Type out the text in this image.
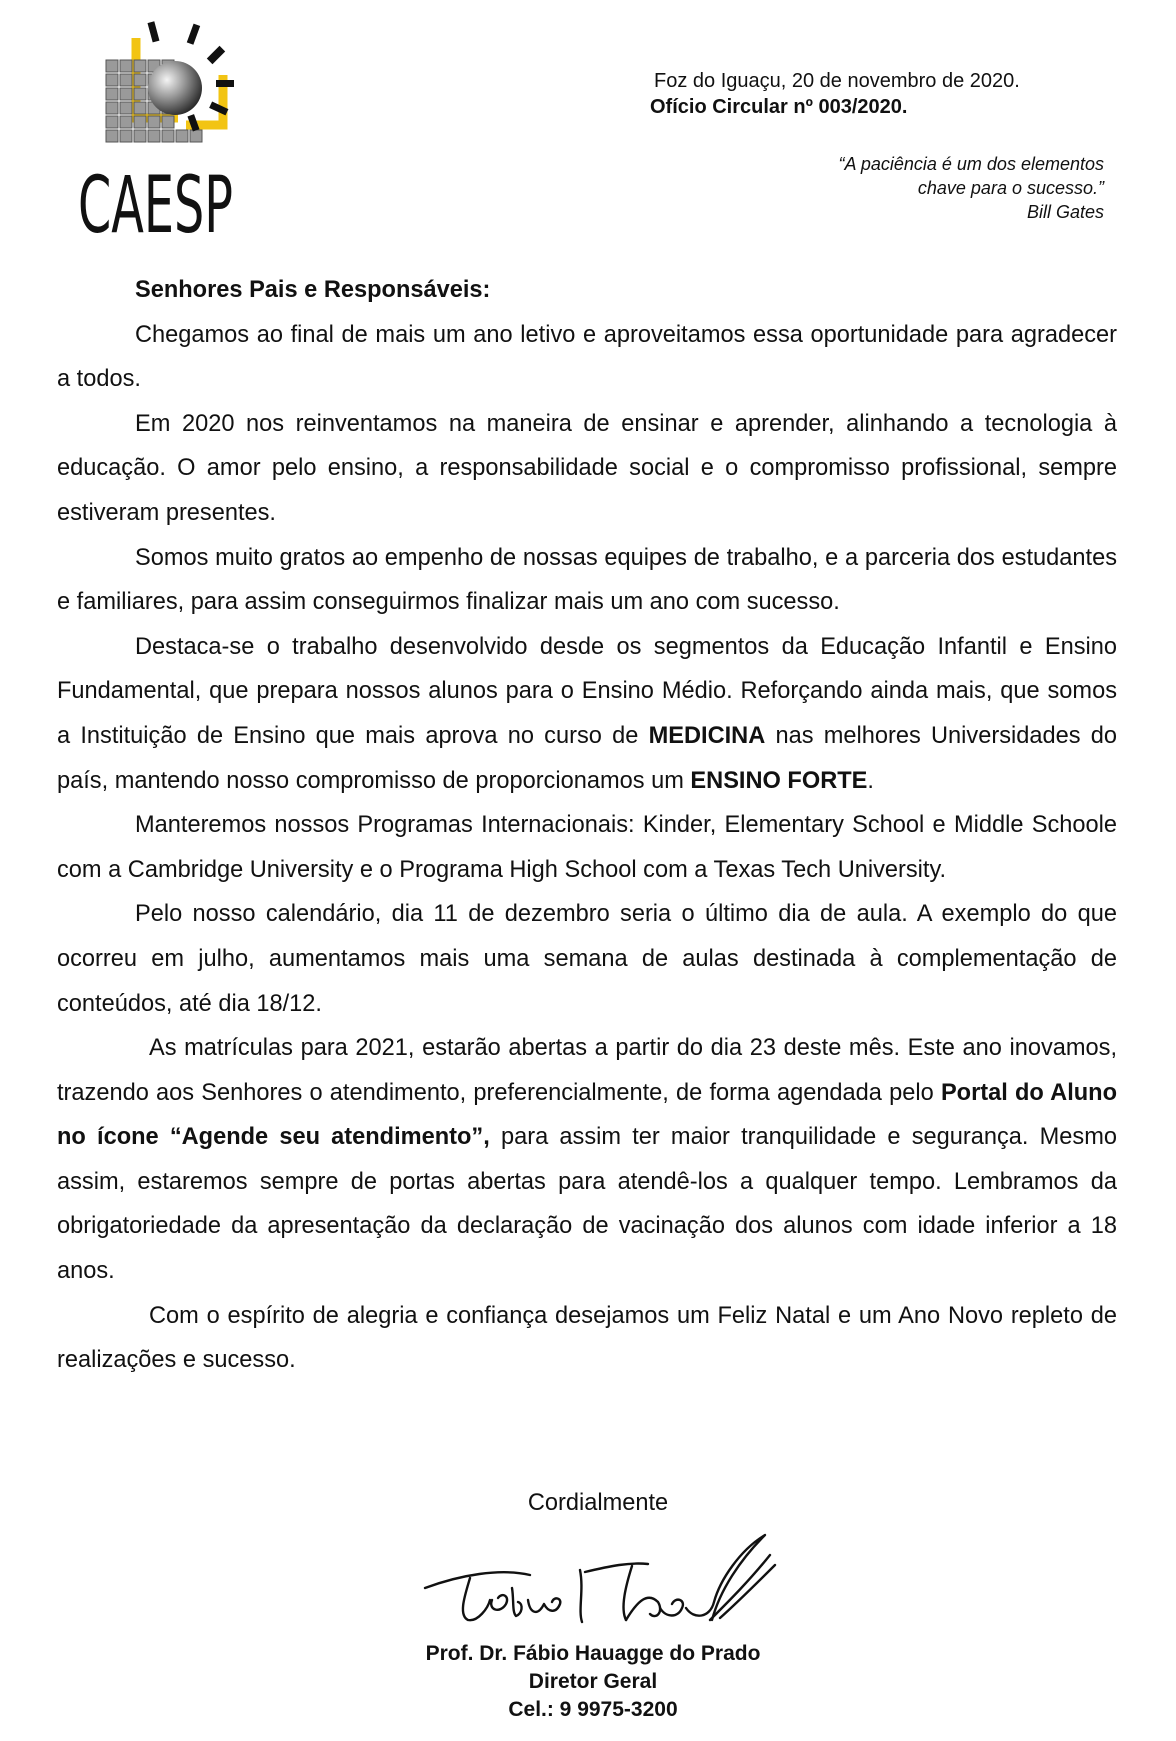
CAESP
Foz do Iguaçu, 20 de novembro de 2020.
Ofício Circular nº 003/2020.
“A paciência é um dos elementos
chave para o sucesso.”
Bill Gates

Senhores Pais e Responsáveis:

Chegamos ao final de mais um ano letivo e aproveitamos essa oportunidade para agradecer a todos.

Em 2020 nos reinventamos na maneira de ensinar e aprender, alinhando a tecnologia à educação. O amor pelo ensino, a responsabilidade social e o compromisso profissional, sempre estiveram presentes.

Somos muito gratos ao empenho de nossas equipes de trabalho, e a parceria dos estudantes e familiares, para assim conseguirmos finalizar mais um ano com sucesso.

Destaca-se o trabalho desenvolvido desde os segmentos da Educação Infantil e Ensino Fundamental, que prepara nossos alunos para o Ensino Médio. Reforçando ainda mais, que somos a Instituição de Ensino que mais aprova no curso de MEDICINA nas melhores Universidades do país, mantendo nosso compromisso de proporcionamos um ENSINO FORTE.

Manteremos nossos Programas Internacionais: Kinder, Elementary School e Middle Schoole com a Cambridge University e o Programa High School com a Texas Tech University.

Pelo nosso calendário, dia 11 de dezembro seria o último dia de aula. A exemplo do que ocorreu em julho, aumentamos mais uma semana de aulas destinada à complementação de conteúdos, até dia 18/12.

As matrículas para 2021, estarão abertas a partir do dia 23 deste mês. Este ano inovamos, trazendo aos Senhores o atendimento, preferencialmente, de forma agendada pelo Portal do Aluno no ícone “Agende seu atendimento”, para assim ter maior tranquilidade e segurança. Mesmo assim, estaremos sempre de portas abertas para atendê-los a qualquer tempo. Lembramos da obrigatoriedade da apresentação da declaração de vacinação dos alunos com idade inferior a 18 anos.

Com o espírito de alegria e confiança desejamos um Feliz Natal e um Ano Novo repleto de realizações e sucesso.

Cordialmente
Prof. Dr. Fábio Hauagge do Prado
Diretor Geral
Cel.: 9 9975-3200
